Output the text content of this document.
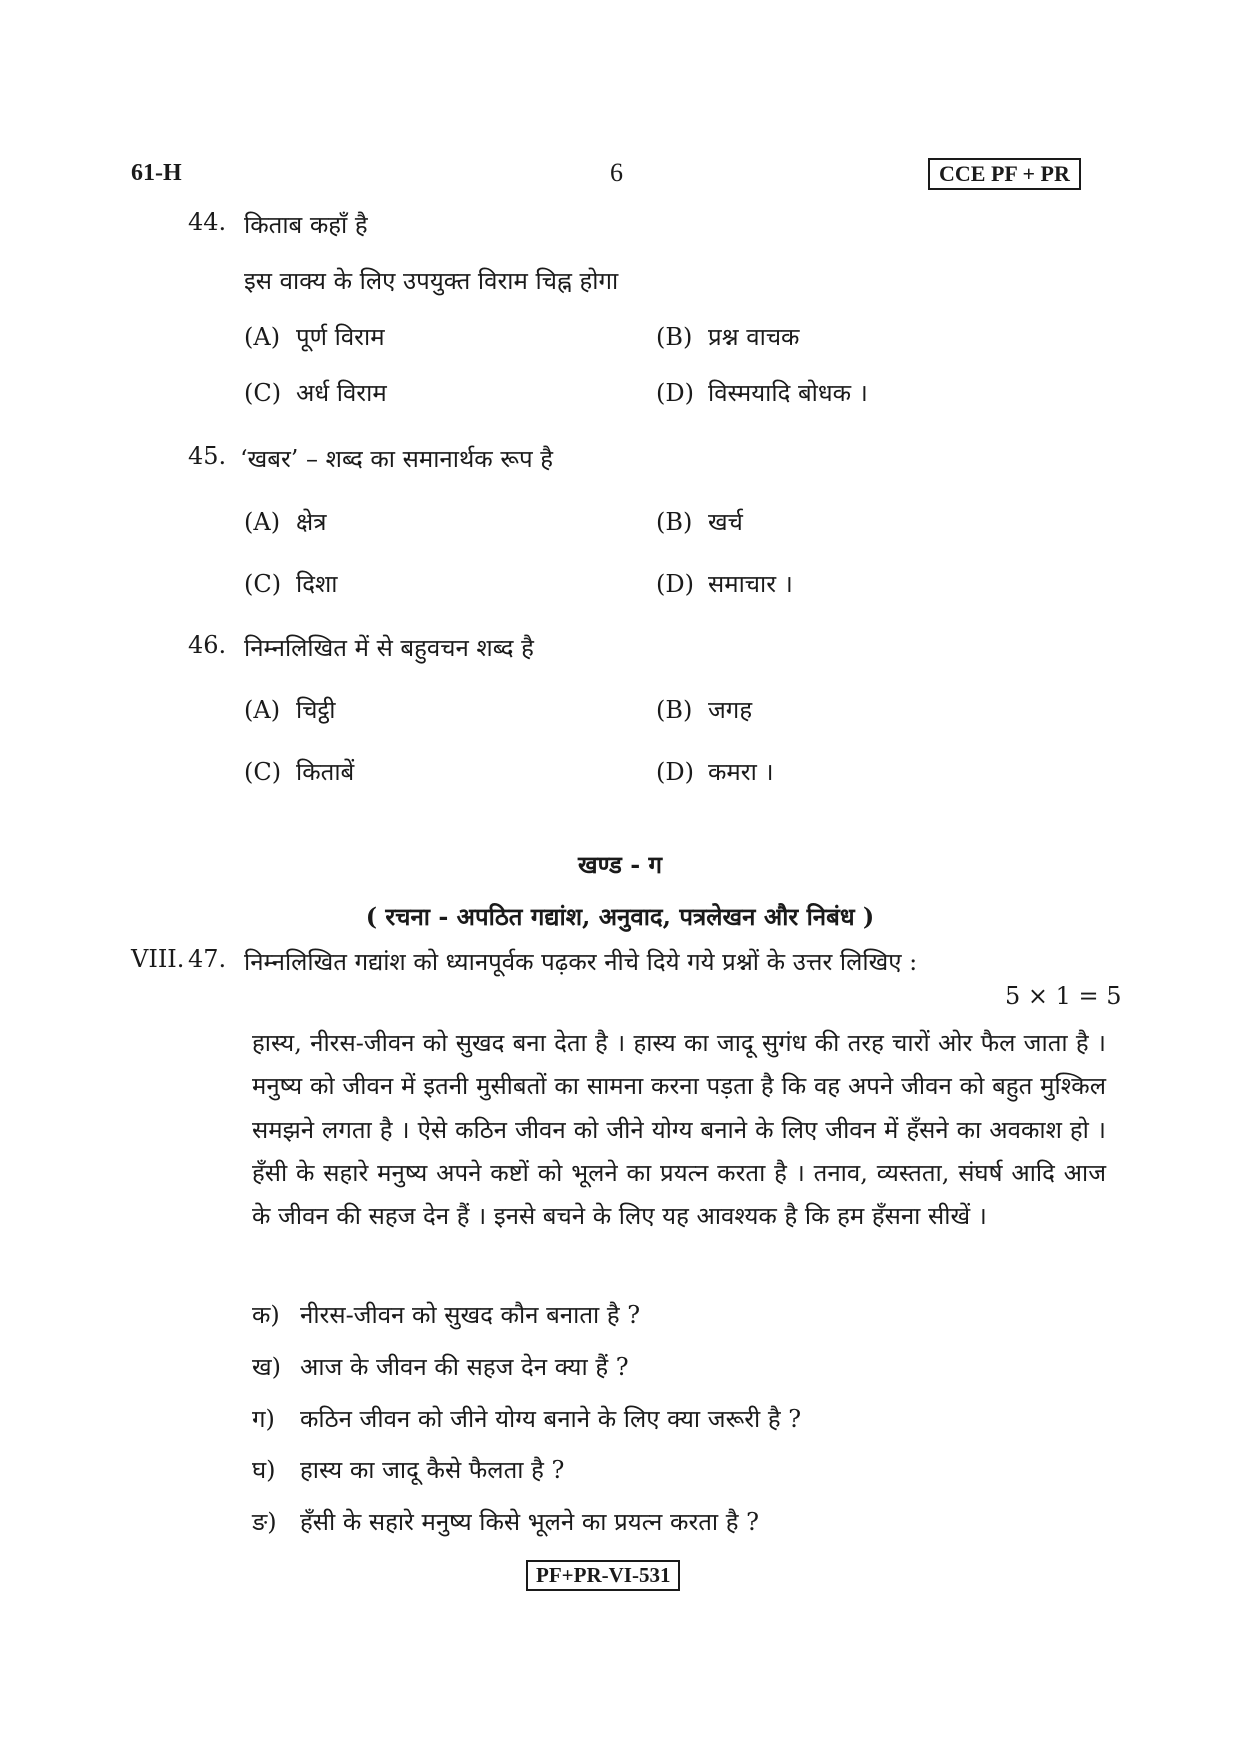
61-H	6	CCE PF + PR
44. किताब कहाँ है
इस वाक्य के लिए उपयुक्त विराम चिह्न होगा
(A) पूर्ण विराम	(B) प्रश्न वाचक
(C) अर्ध विराम	(D) विस्मयादि बोधक ।
45. ‘खबर’ – शब्द का समानार्थक रूप है
(A) क्षेत्र	(B) खर्च
(C) दिशा	(D) समाचार ।
46. निम्नलिखित में से बहुवचन शब्द है
(A) चिट्ठी	(B) जगह
(C) किताबें	(D) कमरा ।
खण्ड - ग
( रचना - अपठित गद्यांश, अनुवाद, पत्रलेखन और निबंध )
VIII. 47. निम्नलिखित गद्यांश को ध्यानपूर्वक पढ़कर नीचे दिये गये प्रश्नों के उत्तर लिखिए :
5 × 1 = 5
हास्य, नीरस-जीवन को सुखद बना देता है । हास्य का जादू सुगंध की तरह चारों ओर फैल जाता है । मनुष्य को जीवन में इतनी मुसीबतों का सामना करना पड़ता है कि वह अपने जीवन को बहुत मुश्किल समझने लगता है । ऐसे कठिन जीवन को जीने योग्य बनाने के लिए जीवन में हँसने का अवकाश हो । हँसी के सहारे मनुष्य अपने कष्टों को भूलने का प्रयत्न करता है । तनाव, व्यस्तता, संघर्ष आदि आज के जीवन की सहज देन हैं । इनसे बचने के लिए यह आवश्यक है कि हम हँसना सीखें ।
क) नीरस-जीवन को सुखद कौन बनाता है ?
ख) आज के जीवन की सहज देन क्या हैं ?
ग) कठिन जीवन को जीने योग्य बनाने के लिए क्या जरूरी है ?
घ) हास्य का जादू कैसे फैलता है ?
ङ) हँसी के सहारे मनुष्य किसे भूलने का प्रयत्न करता है ?
PF+PR-VI-531
